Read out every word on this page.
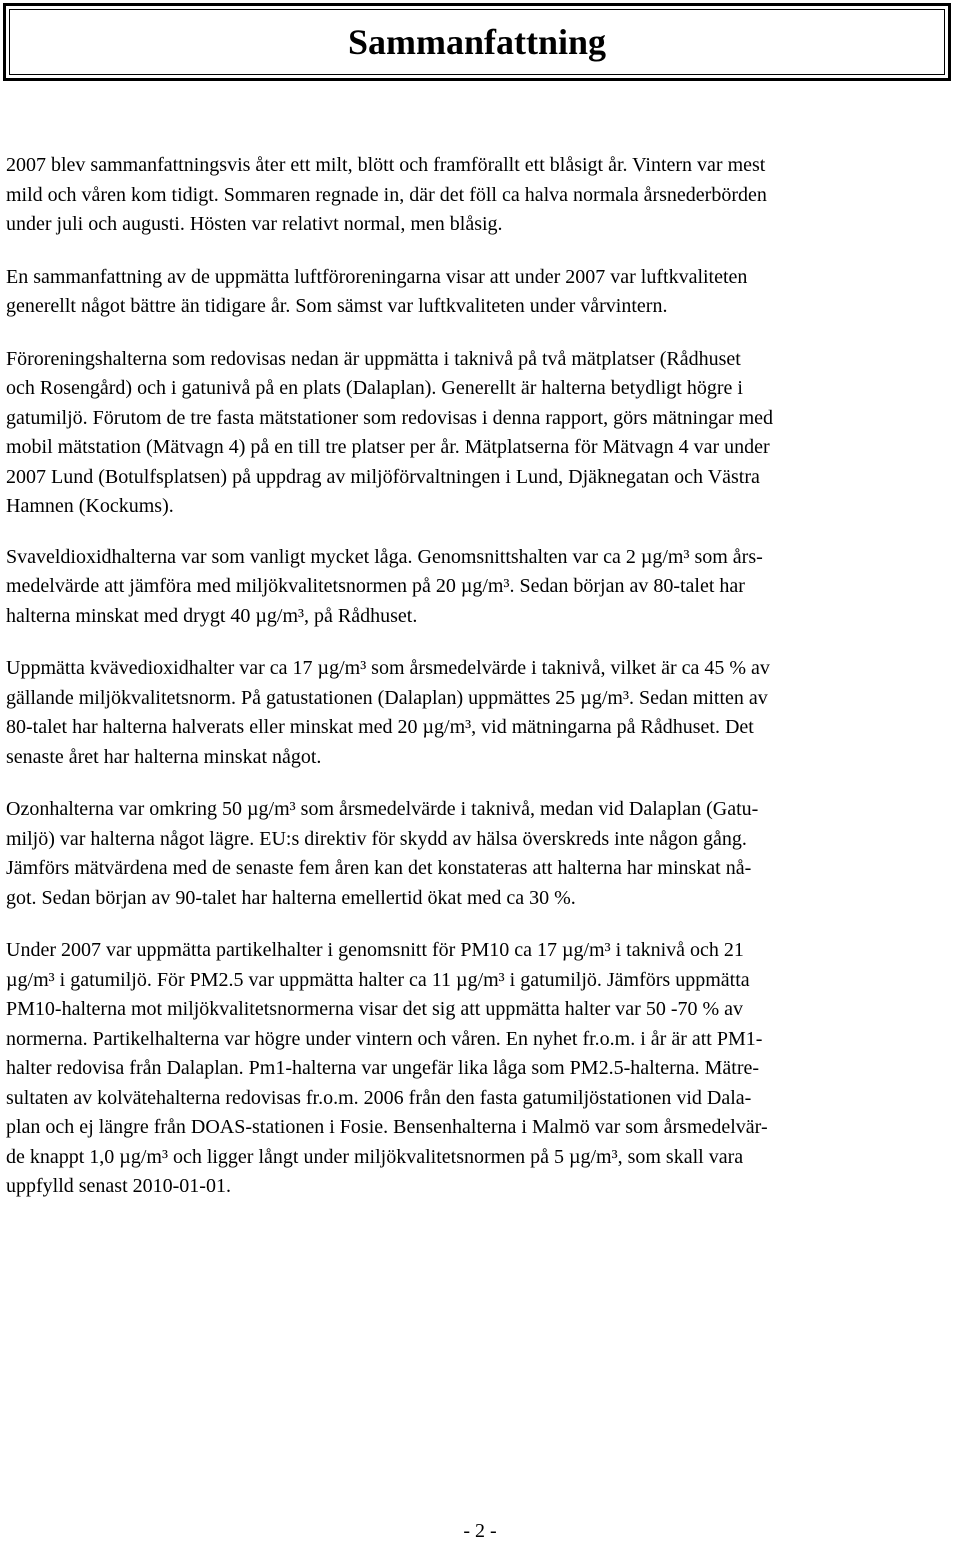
Sammanfattning

2007 blev sammanfattningsvis åter ett milt, blött och framförallt ett blåsigt år. Vintern var mest
mild och våren kom tidigt. Sommaren regnade in, där det föll ca halva normala årsnederbörden
under juli och augusti. Hösten var relativt normal, men blåsig.

En sammanfattning av de uppmätta luftföroreningarna visar att under 2007 var luftkvaliteten
generellt något bättre än tidigare år. Som sämst var luftkvaliteten under vårvintern.

Föroreningshalterna som redovisas nedan är uppmätta i taknivå på två mätplatser (Rådhuset
och Rosengård) och i gatunivå på en plats (Dalaplan). Generellt är halterna betydligt högre i
gatumiljö. Förutom de tre fasta mätstationer som redovisas i denna rapport, görs mätningar med
mobil mätstation (Mätvagn 4) på en till tre platser per år. Mätplatserna för Mätvagn 4 var under
2007 Lund (Botulfsplatsen) på uppdrag av miljöförvaltningen i Lund, Djäknegatan och Västra
Hamnen (Kockums).

Svaveldioxidhalterna var som vanligt mycket låga. Genomsnittshalten var ca 2 µg/m³ som års-
medelvärde att jämföra med miljökvalitetsnormen på 20 µg/m³. Sedan början av 80-talet har
halterna minskat med drygt 40 µg/m³, på Rådhuset.

Uppmätta kvävedioxidhalter var ca 17 µg/m³ som årsmedelvärde i taknivå, vilket är ca 45 % av
gällande miljökvalitetsnorm. På gatustationen (Dalaplan) uppmättes 25 µg/m³. Sedan mitten av
80-talet har halterna halverats eller minskat med 20 µg/m³, vid mätningarna på Rådhuset. Det
senaste året har halterna minskat något.

Ozonhalterna var omkring 50 µg/m³ som årsmedelvärde i taknivå, medan vid Dalaplan (Gatu-
miljö) var halterna något lägre. EU:s direktiv för skydd av hälsa överskreds inte någon gång.
Jämförs mätvärdena med de senaste fem åren kan det konstateras att halterna har minskat nå-
got. Sedan början av 90-talet har halterna emellertid ökat med ca 30 %.

Under 2007 var uppmätta partikelhalter i genomsnitt för PM10 ca 17 µg/m³ i taknivå och 21
µg/m³ i gatumiljö. För PM2.5 var uppmätta halter ca 11 µg/m³ i gatumiljö. Jämförs uppmätta
PM10-halterna mot miljökvalitetsnormerna visar det sig att uppmätta halter var 50 -70 % av
normerna. Partikelhalterna var högre under vintern och våren. En nyhet fr.o.m. i år är att PM1-
halter redovisa från Dalaplan. Pm1-halterna var ungefär lika låga som PM2.5-halterna. Mätre-
sultaten av kolvätehalterna redovisas fr.o.m. 2006 från den fasta gatumiljöstationen vid Dala-
plan och ej längre från DOAS-stationen i Fosie. Bensenhalterna i Malmö var som årsmedelvär-
de knappt 1,0 µg/m³ och ligger långt under miljökvalitetsnormen på 5 µg/m³, som skall vara
uppfylld senast 2010-01-01.

- 2 -
